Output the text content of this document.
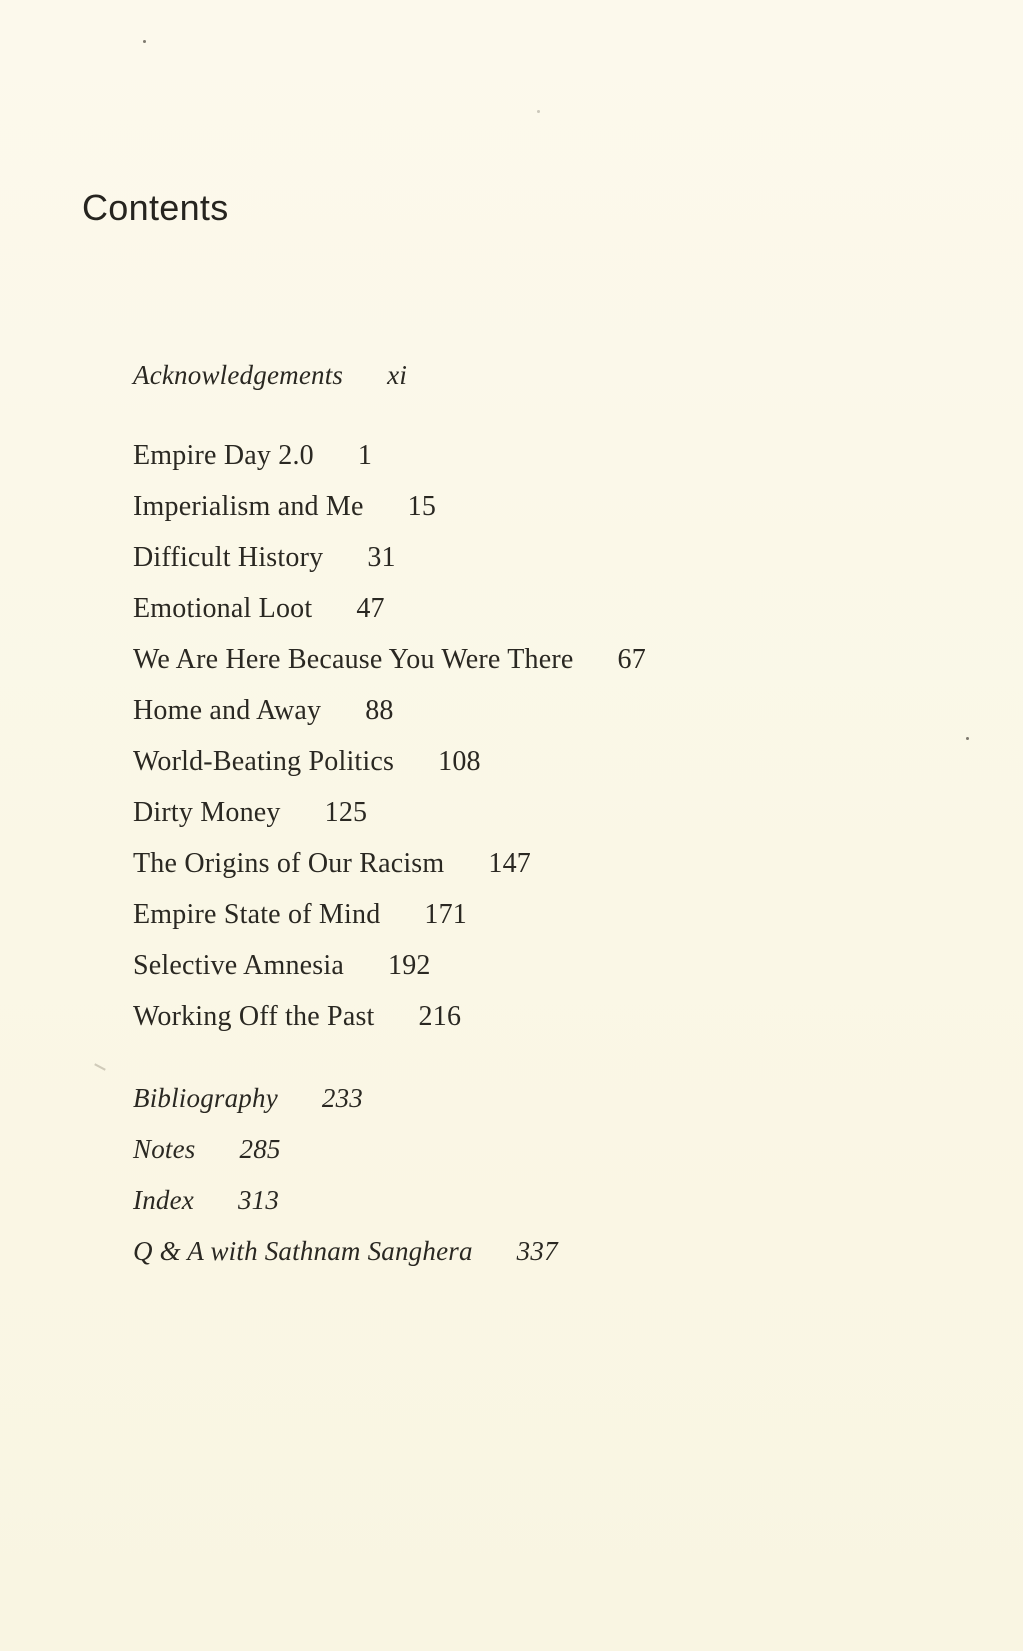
Contents
Acknowledgements xi
Empire Day 2.0 1
Imperialism and Me 15
Difficult History 31
Emotional Loot 47
We Are Here Because You Were There 67
Home and Away 88
World-Beating Politics 108
Dirty Money 125
The Origins of Our Racism 147
Empire State of Mind 171
Selective Amnesia 192
Working Off the Past 216
Bibliography 233
Notes 285
Index 313
Q & A with Sathnam Sanghera 337
